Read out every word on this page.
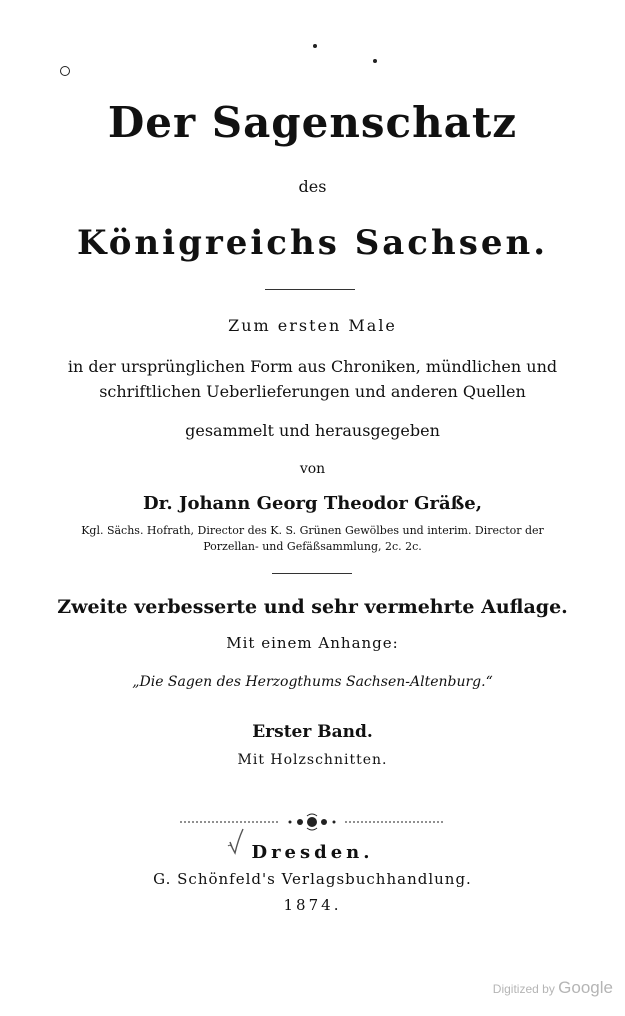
Der Sagenschatz
des
Königreichs Sachsen.
Zum ersten Male
in der ursprünglichen Form aus Chroniken, mündlichen und
schriftlichen Ueberlieferungen und anderen Quellen
gesammelt und herausgegeben
von
Dr. Johann Georg Theodor Gräße,
Kgl. Sächs. Hofrath, Director des K. S. Grünen Gewölbes und interim. Director der
Porzellan- und Gefäßsammlung, 2c. 2c.
Zweite verbesserte und sehr vermehrte Auflage.
Mit einem Anhange:
„Die Sagen des Herzogthums Sachsen-Altenburg.“
Erster Band.
Mit Holzschnitten.
Dresden.
G. Schönfeld's Verlagsbuchhandlung.
1874.
Digitized by Google
